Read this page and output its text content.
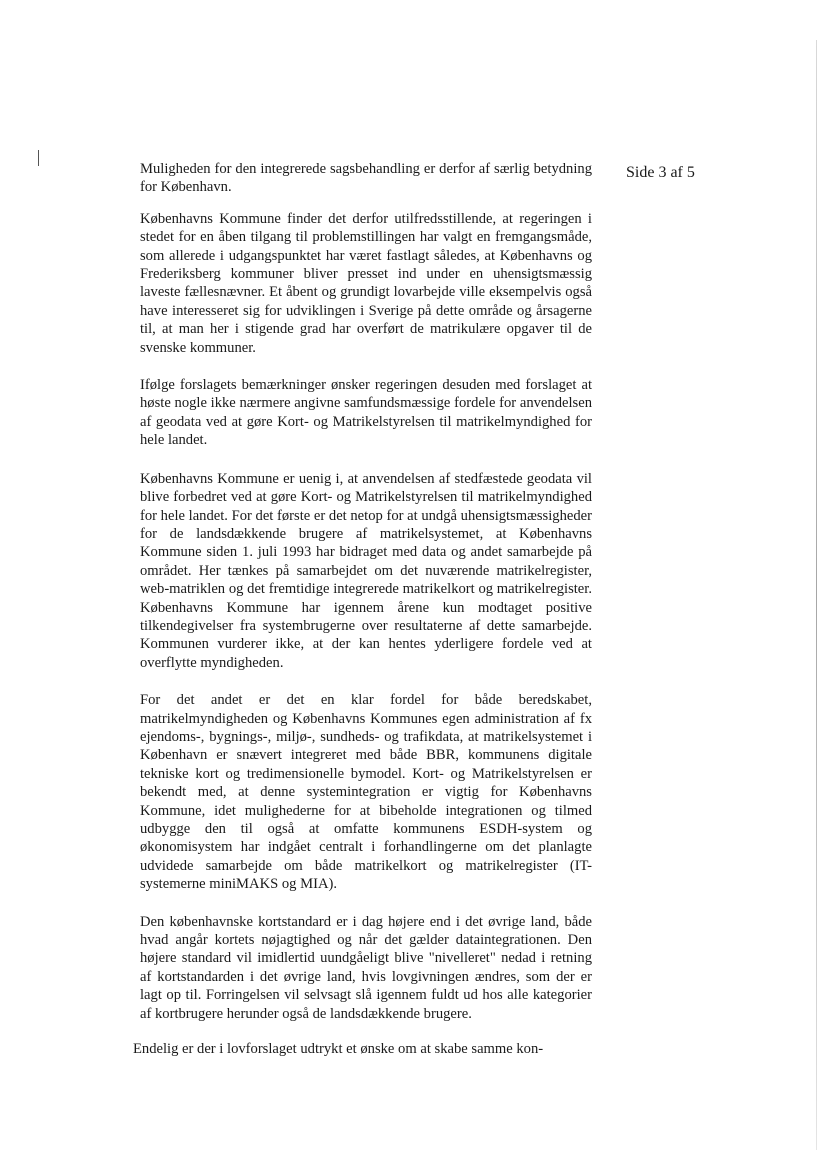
Side 3 af 5

Muligheden for den integrerede sagsbehandling er derfor af særlig betydning for København.

Københavns Kommune finder det derfor utilfredsstillende, at regeringen i stedet for en åben tilgang til problemstillingen har valgt en fremgangsmåde, som allerede i udgangspunktet har været fastlagt således, at Københavns og Frederiksberg kommuner bliver presset ind under en uhensigtsmæssig laveste fællesnævner. Et åbent og grundigt lovarbejde ville eksempelvis også have interesseret sig for udviklingen i Sverige på dette område og årsagerne til, at man her i stigende grad har overført de matrikulære opgaver til de svenske kommuner.

Ifølge forslagets bemærkninger ønsker regeringen desuden med forslaget at høste nogle ikke nærmere angivne samfundsmæssige fordele for anvendelsen af geodata ved at gøre Kort- og Matrikelstyrelsen til matrikelmyndighed for hele landet.

Københavns Kommune er uenig i, at anvendelsen af stedfæstede geodata vil blive forbedret ved at gøre Kort- og Matrikelstyrelsen til matrikelmyndighed for hele landet. For det første er det netop for at undgå uhensigtsmæssigheder for de landsdækkende brugere af matrikelsystemet, at Københavns Kommune siden 1. juli 1993 har bidraget med data og andet samarbejde på området. Her tænkes på samarbejdet om det nuværende matrikelregister, web-matriklen og det fremtidige integrerede matrikelkort og matrikelregister. Københavns Kommune har igennem årene kun modtaget positive tilkendegivelser fra systembrugerne over resultaterne af dette samarbejde. Kommunen vurderer ikke, at der kan hentes yderligere fordele ved at overflytte myndigheden.

For det andet er det en klar fordel for både beredskabet, matrikelmyndigheden og Københavns Kommunes egen administration af fx ejendoms-, bygnings-, miljø-, sundheds- og trafikdata, at matrikelsystemet i København er snævert integreret med både BBR, kommunens digitale tekniske kort og tredimensionelle bymodel. Kort- og Matrikelstyrelsen er bekendt med, at denne systemintegration er vigtig for Københavns Kommune, idet mulighederne for at bibeholde integrationen og tilmed udbygge den til også at omfatte kommunens ESDH-system og økonomisystem har indgået centralt i forhandlingerne om det planlagte udvidede samarbejde om både matrikelkort og matrikelregister (IT-systemerne miniMAKS og MIA).

Den københavnske kortstandard er i dag højere end i det øvrige land, både hvad angår kortets nøjagtighed og når det gælder dataintegrationen. Den højere standard vil imidlertid uundgåeligt blive "nivelleret" nedad i retning af kortstandarden i det øvrige land, hvis lovgivningen ændres, som der er lagt op til. Forringelsen vil selvsagt slå igennem fuldt ud hos alle kategorier af kortbrugere herunder også de landsdækkende brugere.

Endelig er der i lovforslaget udtrykt et ønske om at skabe samme kon-
